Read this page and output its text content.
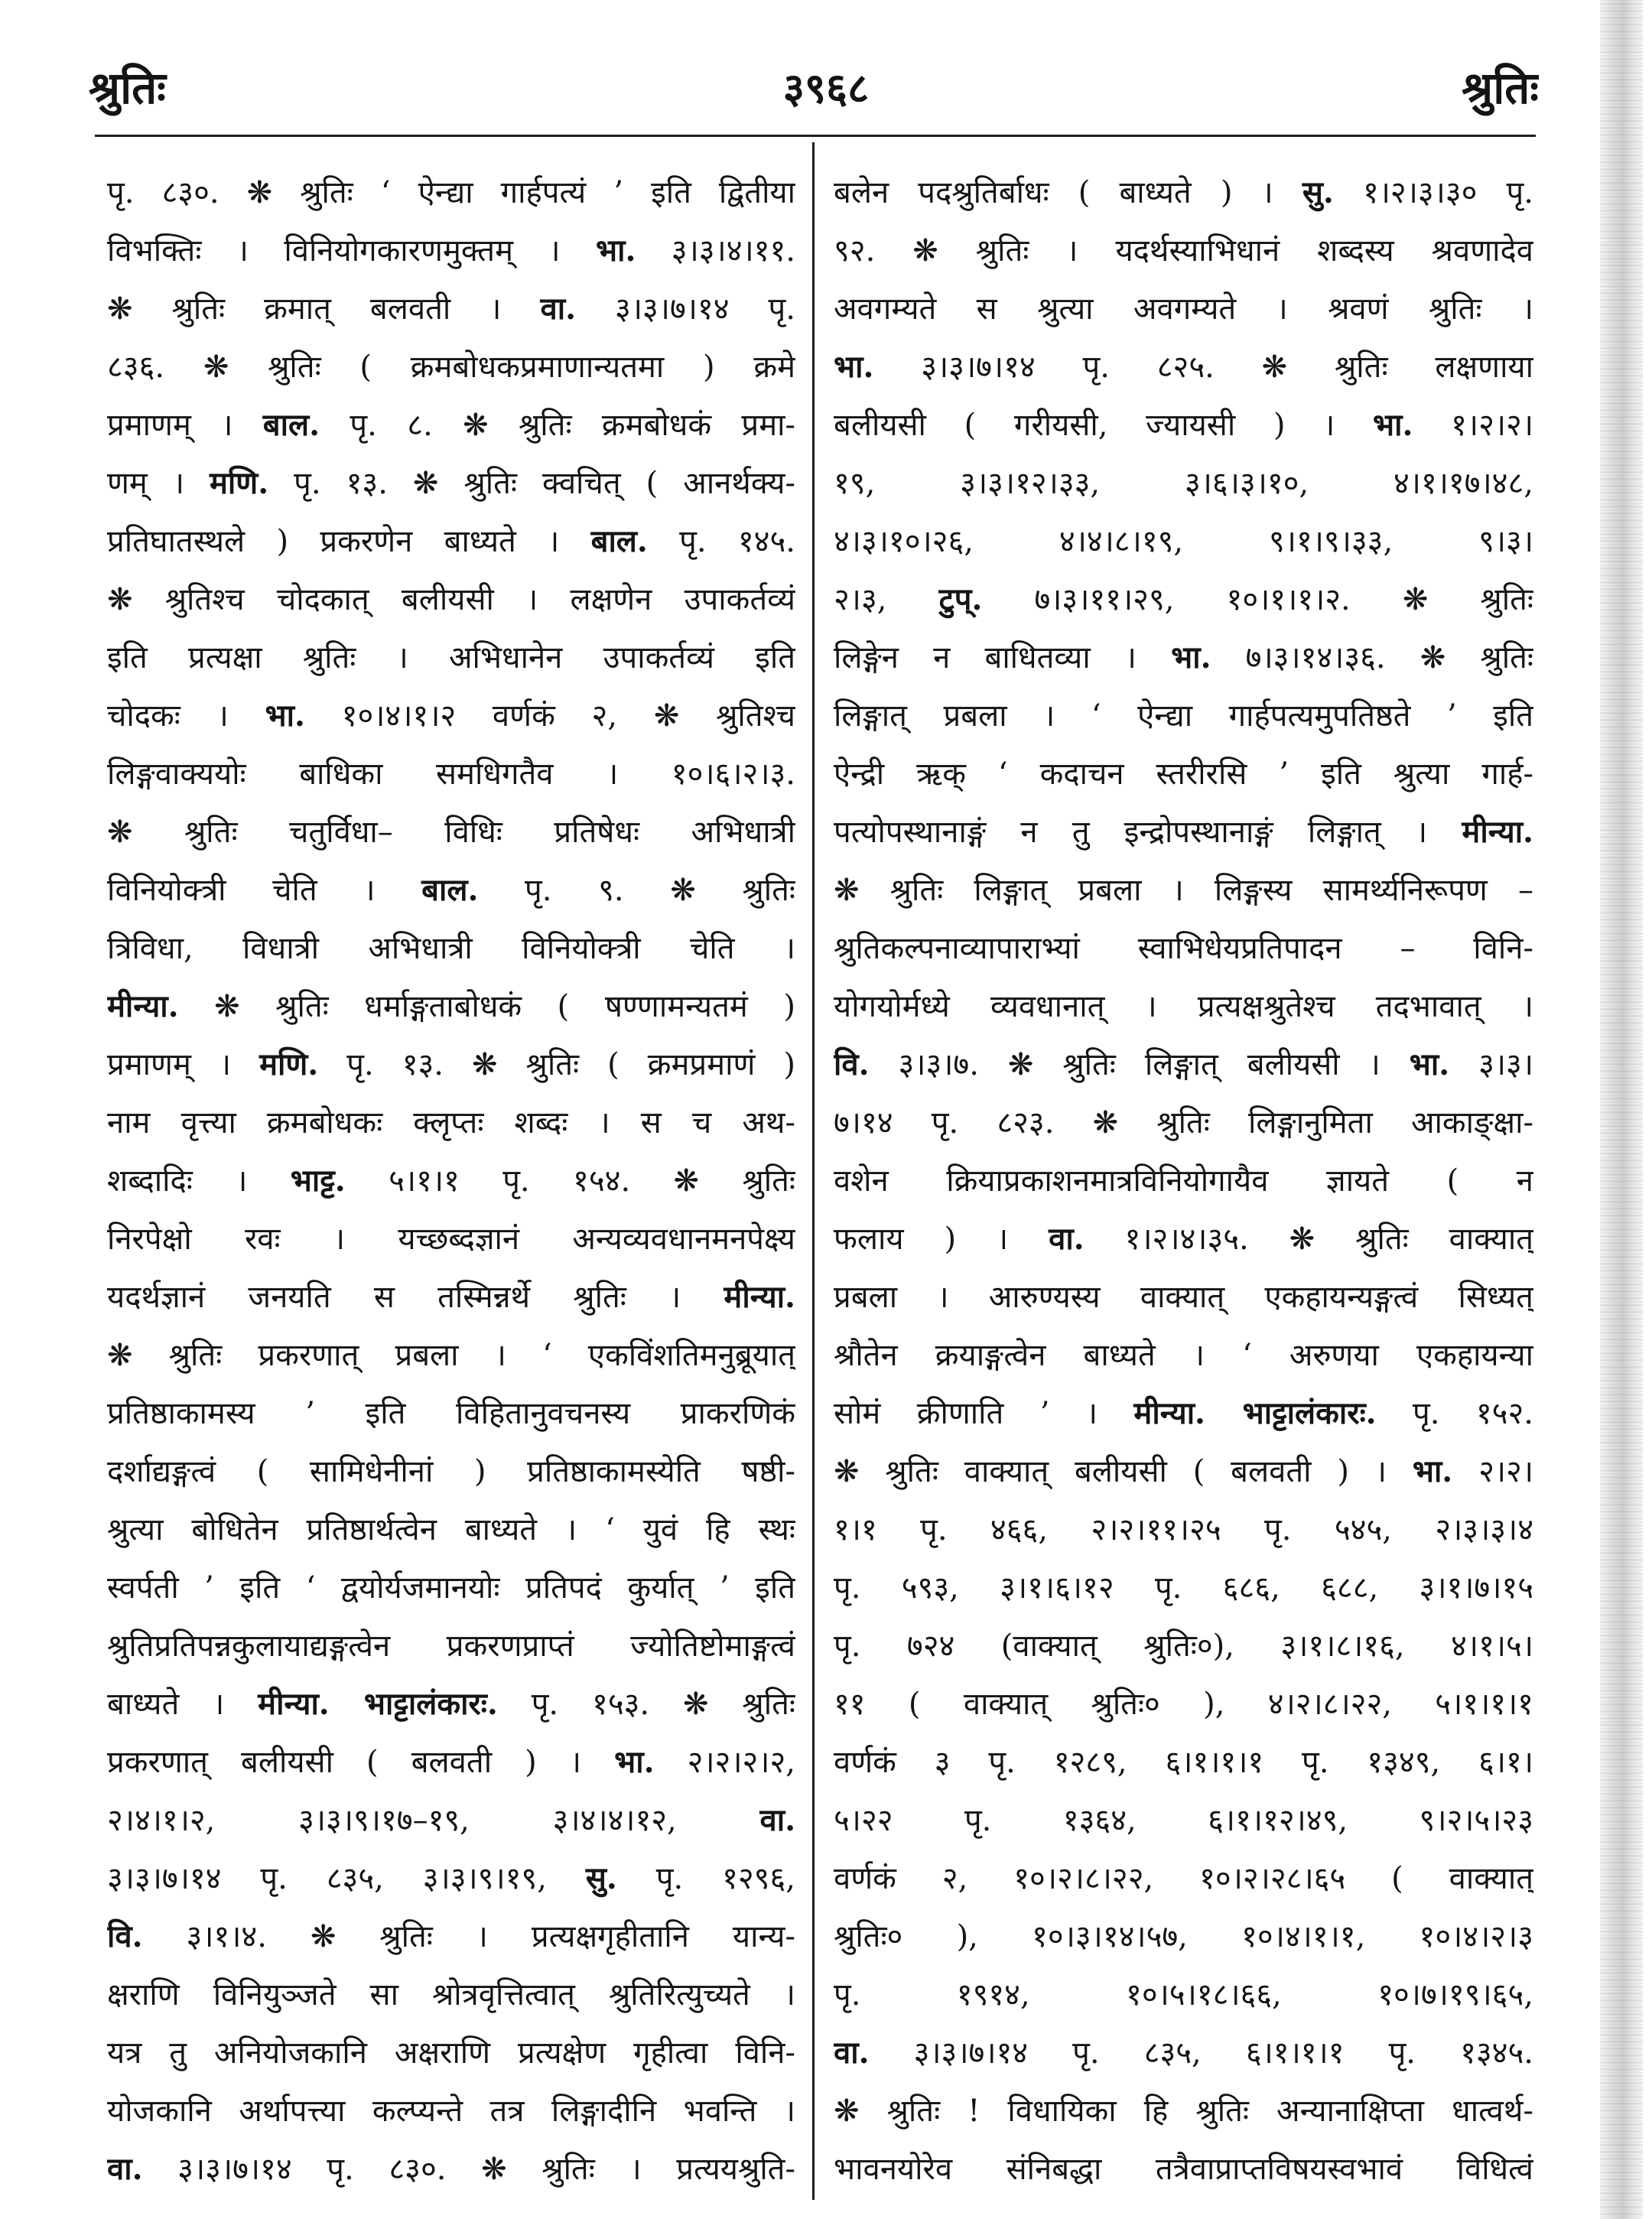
श्रुतिः	३९६८	श्रुतिः
पृ. ८३०. ❋ श्रुतिः ‘ ऐन्द्या गार्हपत्यं ’ इति द्वितीया
विभक्तिः । विनियोगकारणमुक्तम् । भा. ३।३।४।११.
❋ श्रुतिः क्रमात् बलवती । वा. ३।३।७।१४ पृ.
८३६. ❋ श्रुतिः ( क्रमबोधकप्रमाणान्यतमा ) क्रमे
प्रमाणम् । बाल. पृ. ८. ❋ श्रुतिः क्रमबोधकं प्रमा-
णम् । मणि. पृ. १३. ❋ श्रुतिः क्वचित् ( आनर्थक्य-
प्रतिघातस्थले ) प्रकरणेन बाध्यते । बाल. पृ. १४५.
❋ श्रुतिश्च चोदकात् बलीयसी । लक्षणेन उपाकर्तव्यं
इति प्रत्यक्षा श्रुतिः । अभिधानेन उपाकर्तव्यं इति
चोदकः । भा. १०।४।१।२ वर्णकं २, ❋ श्रुतिश्च
लिङ्गवाक्ययोः बाधिका समधिगतैव । १०।६।२।३.
❋ श्रुतिः चतुर्विधा– विधिः प्रतिषेधः अभिधात्री
विनियोक्त्री चेति । बाल. पृ. ९. ❋ श्रुतिः
त्रिविधा, विधात्री अभिधात्री विनियोक्त्री चेति ।
मीन्या. ❋ श्रुतिः धर्माङ्गताबोधकं ( षण्णामन्यतमं )
प्रमाणम् । मणि. पृ. १३. ❋ श्रुतिः ( क्रमप्रमाणं )
नाम वृत्त्या क्रमबोधकः क्लृप्तः शब्दः । स च अथ-
शब्दादिः । भाट्ट. ५।१।१ पृ. १५४. ❋ श्रुतिः
निरपेक्षो रवः । यच्छब्दज्ञानं अन्यव्यवधानमनपेक्ष्य
यदर्थज्ञानं जनयति स तस्मिन्नर्थे श्रुतिः । मीन्या.
❋ श्रुतिः प्रकरणात् प्रबला । ‘ एकविंशतिमनुब्रूयात्
प्रतिष्ठाकामस्य ’ इति विहितानुवचनस्य प्राकरणिकं
दर्शाद्यङ्गत्वं ( सामिधेनीनां ) प्रतिष्ठाकामस्येति षष्ठी-
श्रुत्या बोधितेन प्रतिष्ठार्थत्वेन बाध्यते । ‘ युवं हि स्थः
स्वर्पती ’ इति ‘ द्वयोर्यजमानयोः प्रतिपदं कुर्यात् ’ इति
श्रुतिप्रतिपन्नकुलायाद्यङ्गत्वेन प्रकरणप्राप्तं ज्योतिष्टोमाङ्गत्वं
बाध्यते । मीन्या. भाट्टालंकारः. पृ. १५३. ❋ श्रुतिः
प्रकरणात् बलीयसी ( बलवती ) । भा. २।२।२।२,
२।४।१।२, ३।३।९।१७–१९, ३।४।४।१२, वा.
३।३।७।१४ पृ. ८३५, ३।३।९।१९, सु. पृ. १२९६,
वि. ३।१।४. ❋ श्रुतिः । प्रत्यक्षगृहीतानि यान्य-
क्षराणि विनियुञ्जते सा श्रोत्रवृत्तित्वात् श्रुतिरित्युच्यते ।
यत्र तु अनियोजकानि अक्षराणि प्रत्यक्षेण गृहीत्वा विनि-
योजकानि अर्थापत्त्या कल्प्यन्ते तत्र लिङ्गादीनि भवन्ति ।
वा. ३।३।७।१४ पृ. ८३०. ❋ श्रुतिः । प्रत्ययश्रुति-
बलेन पदश्रुतिर्बाधः ( बाध्यते ) । सु. १।२।३।३० पृ.
९२. ❋ श्रुतिः । यदर्थस्याभिधानं शब्दस्य श्रवणादेव
अवगम्यते स श्रुत्या अवगम्यते । श्रवणं श्रुतिः ।
भा. ३।३।७।१४ पृ. ८२५. ❋ श्रुतिः लक्षणाया
बलीयसी ( गरीयसी, ज्यायसी ) । भा. १।२।२।
१९, ३।३।१२।३३, ३।६।३।१०, ४।१।१७।४८,
४।३।१०।२६, ४।४।८।१९, ९।१।९।३३, ९।३।
२।३, टुप्. ७।३।११।२९, १०।१।१।२. ❋ श्रुतिः
लिङ्गेन न बाधितव्या । भा. ७।३।१४।३६. ❋ श्रुतिः
लिङ्गात् प्रबला । ‘ ऐन्द्या गार्हपत्यमुपतिष्ठते ’ इति
ऐन्द्री ऋक् ‘ कदाचन स्तरीरसि ’ इति श्रुत्या गार्ह-
पत्योपस्थानाङ्गं न तु इन्द्रोपस्थानाङ्गं लिङ्गात् । मीन्या.
❋ श्रुतिः लिङ्गात् प्रबला । लिङ्गस्य सामर्थ्यनिरूपण –
श्रुतिकल्पनाव्यापाराभ्यां स्वाभिधेयप्रतिपादन – विनि-
योगयोर्मध्ये व्यवधानात् । प्रत्यक्षश्रुतेश्च तदभावात् ।
वि. ३।३।७. ❋ श्रुतिः लिङ्गात् बलीयसी । भा. ३।३।
७।१४ पृ. ८२३. ❋ श्रुतिः लिङ्गानुमिता आकाङ्क्षा-
वशेन क्रियाप्रकाशनमात्रविनियोगायैव ज्ञायते ( न
फलाय ) । वा. १।२।४।३५. ❋ श्रुतिः वाक्यात्
प्रबला । आरुण्यस्य वाक्यात् एकहायन्यङ्गत्वं सिध्यत्
श्रौतेन क्रयाङ्गत्वेन बाध्यते । ‘ अरुणया एकहायन्या
सोमं क्रीणाति ’ । मीन्या. भाट्टालंकारः. पृ. १५२.
❋ श्रुतिः वाक्यात् बलीयसी ( बलवती ) । भा. २।२।
१।१ पृ. ४६६, २।२।११।२५ पृ. ५४५, २।३।३।४
पृ. ५९३, ३।१।६।१२ पृ. ६८६, ६८८, ३।१।७।१५
पृ. ७२४ (वाक्यात् श्रुतिः०), ३।१।८।१६, ४।१।५।
११ ( वाक्यात् श्रुतिः० ), ४।२।८।२२, ५।१।१।१
वर्णकं ३ पृ. १२८९, ६।१।१।१ पृ. १३४९, ६।१।
५।२२ पृ. १३६४, ६।१।१२।४९, ९।२।५।२३
वर्णकं २, १०।२।८।२२, १०।२।२८।६५ ( वाक्यात्
श्रुतिः० ), १०।३।१४।५७, १०।४।१।१, १०।४।२।३
पृ. १९१४, १०।५।१८।६६, १०।७।१९।६५,
वा. ३।३।७।१४ पृ. ८३५, ६।१।१।१ पृ. १३४५.
❋ श्रुतिः ! विधायिका हि श्रुतिः अन्यानाक्षिप्ता धात्वर्थ-
भावनयोरेव संनिबद्धा तत्रैवाप्राप्तविषयस्वभावं विधित्वं
